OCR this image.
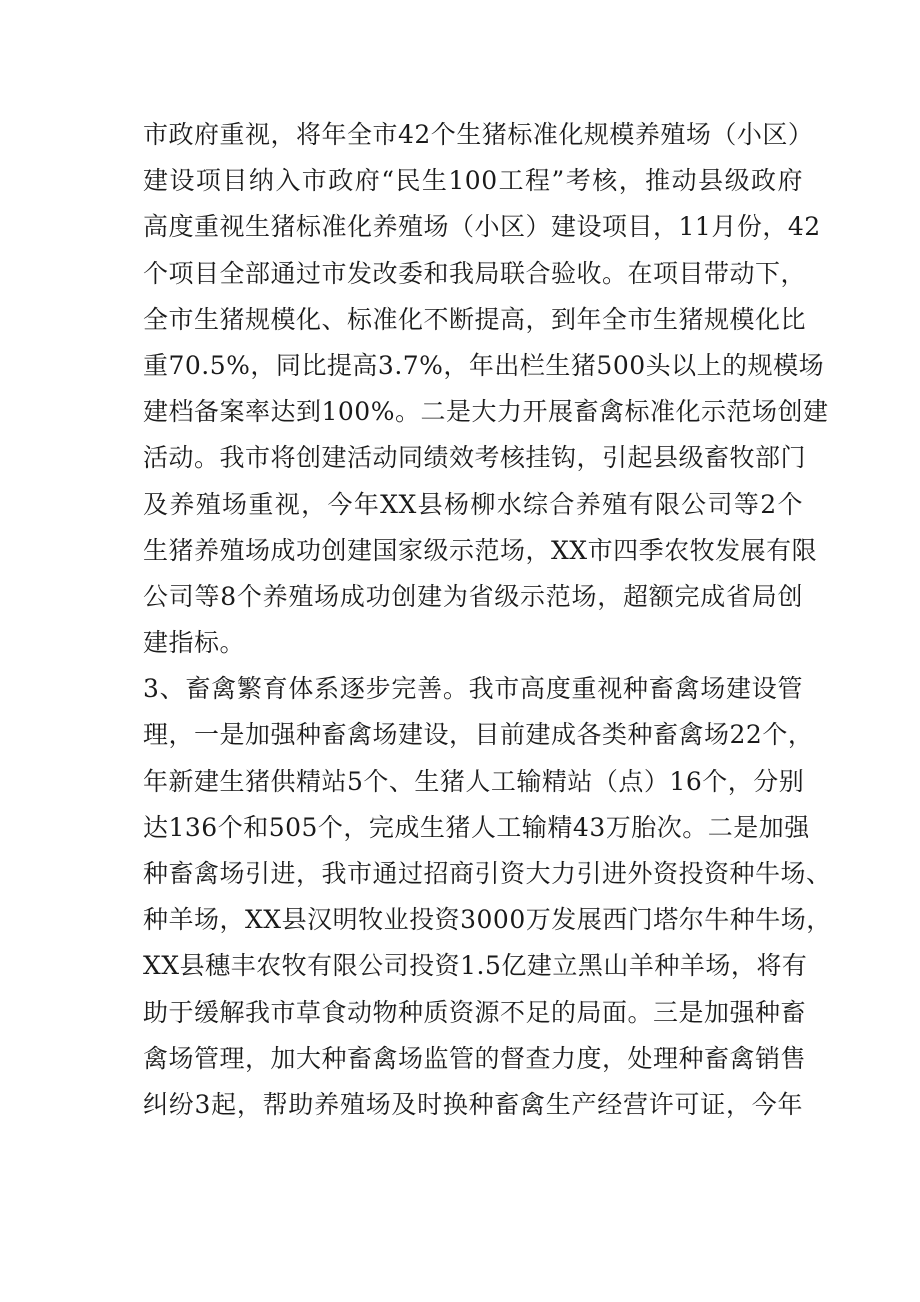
市政府重视，将年全市42个生猪标准化规模养殖场（小区）
建设项目纳入市政府“民生100工程”考核，推动县级政府
高度重视生猪标准化养殖场（小区）建设项目，11月份，42
个项目全部通过市发改委和我局联合验收。在项目带动下，
全市生猪规模化、标准化不断提高，到年全市生猪规模化比
重70.5%，同比提高3.7%，年出栏生猪500头以上的规模场
建档备案率达到100%。二是大力开展畜禽标准化示范场创建
活动。我市将创建活动同绩效考核挂钩，引起县级畜牧部门
及养殖场重视，今年XX县杨柳水综合养殖有限公司等2个
生猪养殖场成功创建国家级示范场，XX市四季农牧发展有限
公司等8个养殖场成功创建为省级示范场，超额完成省局创
建指标。
3、畜禽繁育体系逐步完善。我市高度重视种畜禽场建设管
理，一是加强种畜禽场建设，目前建成各类种畜禽场22个，
年新建生猪供精站5个、生猪人工输精站（点）16个，分别
达136个和505个，完成生猪人工输精43万胎次。二是加强
种畜禽场引进，我市通过招商引资大力引进外资投资种牛场、
种羊场，XX县汉明牧业投资3000万发展西门塔尔牛种牛场，
XX县穗丰农牧有限公司投资1.5亿建立黑山羊种羊场，将有
助于缓解我市草食动物种质资源不足的局面。三是加强种畜
禽场管理，加大种畜禽场监管的督查力度，处理种畜禽销售
纠纷3起，帮助养殖场及时换种畜禽生产经营许可证，今年
